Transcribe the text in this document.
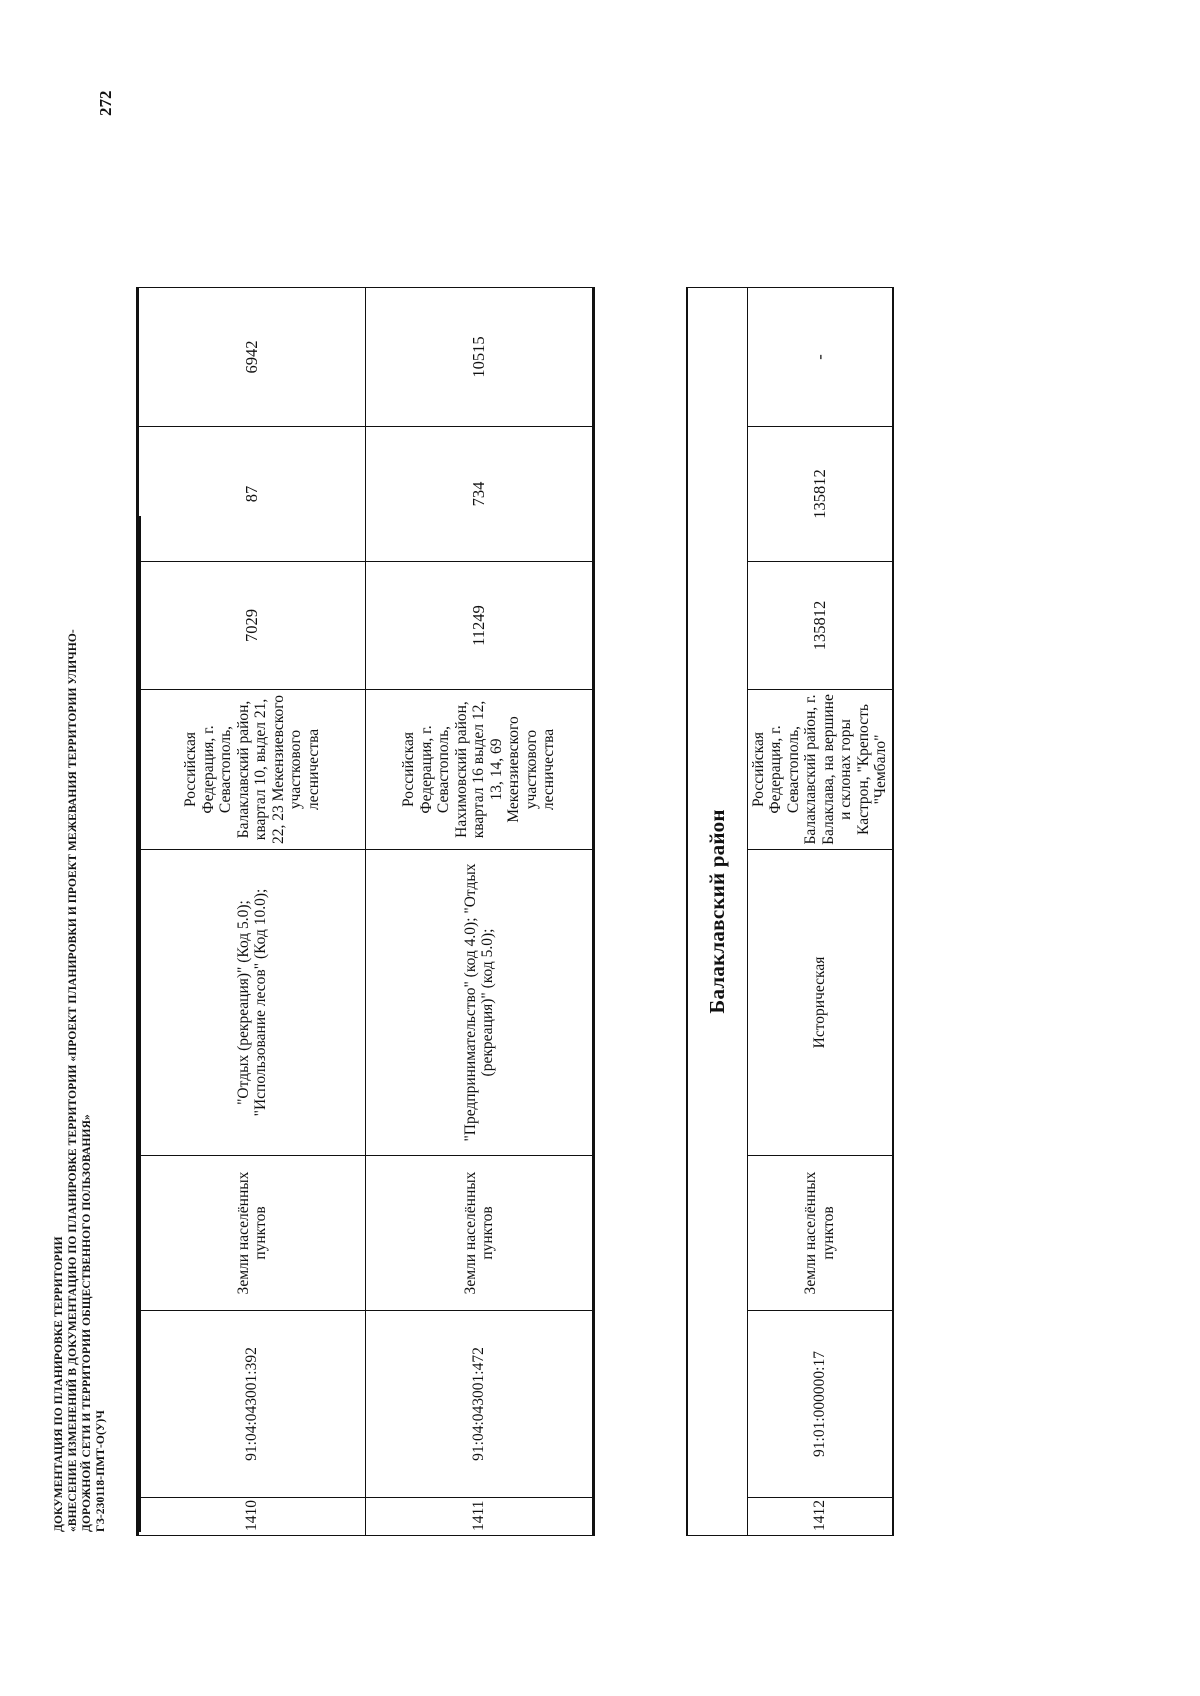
ДОКУМЕНТАЦИЯ ПО ПЛАНИРОВКЕ ТЕРРИТОРИИ «ВНЕСЕНИЕ ИЗМЕНЕНИЙ В ДОКУМЕНТАЦИЮ ПО ПЛАНИРОВКЕ ТЕРРИТОРИИ «ПРОЕКТ ПЛАНИРОВКИ И ПРОЕКТ МЕЖЕВАНИЯ ТЕРРИТОРИИ УЛИЧНО- ДОРОЖНОЙ СЕТИ И ТЕРРИТОРИИ ОБЩЕСТВЕННОГО ПОЛЬЗОВАНИЯ» ГЗ-230118-ПМТ-О(У)Ч
272
1410	91:04:043001:392	Земли населённых пунктов	"Отдых (рекреация)" (Код 5.0); "Использование лесов" (Код 10.0);	Российская Федерация, г. Севастополь, Балаклавский район, квартал 10, выдел 21, 22, 23 Мекензиевского участкового лесничества	7029	87	6942
1411	91:04:043001:472	Земли населённых пунктов	"Предпринимательство" (код 4.0); "Отдых (рекреация)" (код 5.0);	Российская Федерация, г. Севастополь, Нахимовский район, квартал 16 выдел 12, 13, 14, 69 Мекензиевского участкового лесничества	11249	734	10515
Балаклавский район
1412	91:01:000000:17	Земли населённых пунктов	Историческая	Российская Федерация, г. Севастополь, Балаклавский район, г. Балаклава, на вершине и склонах горы Кастрон, "Крепость "Чембало"	135812	135812	-
